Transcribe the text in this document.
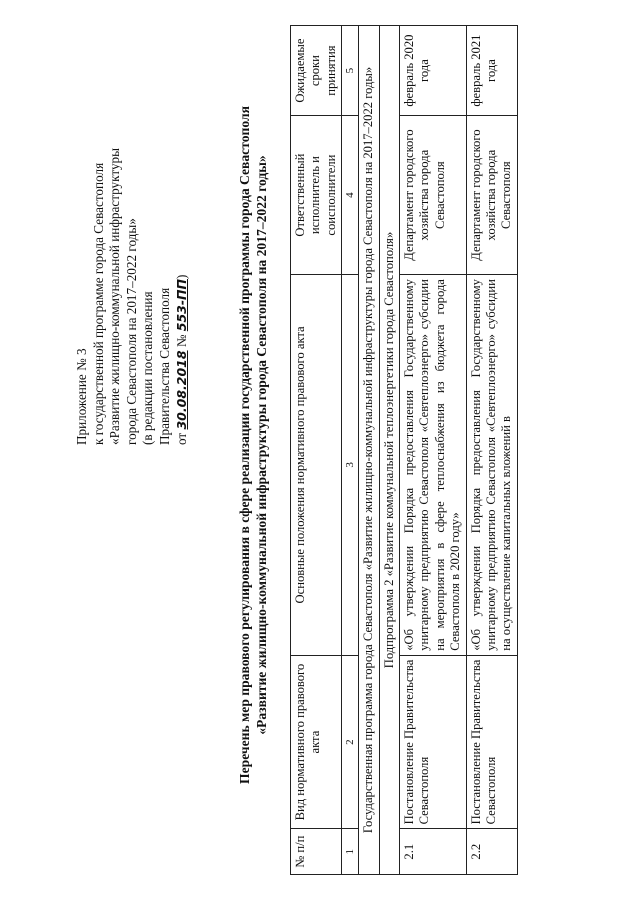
Приложение № 3 к государственной программе города Севастополя «Развитие жилищно-коммунальной инфраструктуры города Севастополя на 2017–2022 годы» (в редакции постановления Правительства Севастополя от 30.08.2018 № 553-ПП)	Перечень мер правового регулирования в сфере реализации государственной программы города Севастополя «Развитие жилищно-коммунальной инфраструктуры города Севастополя на 2017–2022 годы»
№ п/п	Вид нормативного правового акта	Основные положения нормативного правового акта	Ответственный исполнитель и соисполнители	Ожидаемые сроки принятия
1	2	3	4	5
Государственная программа города Севастополя «Развитие жилищно-коммунальной инфраструктуры города Севастополя на 2017–2022 годы»				
Подпрограмма 2 «Развитие коммунальной теплоэнергетики города Севастополя»				
2.1	Постановление Правительства Севастополя	«Об утверждении Порядка предоставления Государственному унитарному предприятию Севастополя «Севтеплоэнерго» субсидии на мероприятия в сфере теплоснабжения из бюджета города Севастополя в 2020 году»	Департамент городского хозяйства города Севастополя	февраль 2020 года
2.2	Постановление Правительства Севастополя	«Об утверждении Порядка предоставления Государственному унитарному предприятию Севастополя «Севтеплоэнерго» субсидии на осуществление капитальных вложений в	Департамент городского хозяйства города Севастополя	февраль 2021 года
